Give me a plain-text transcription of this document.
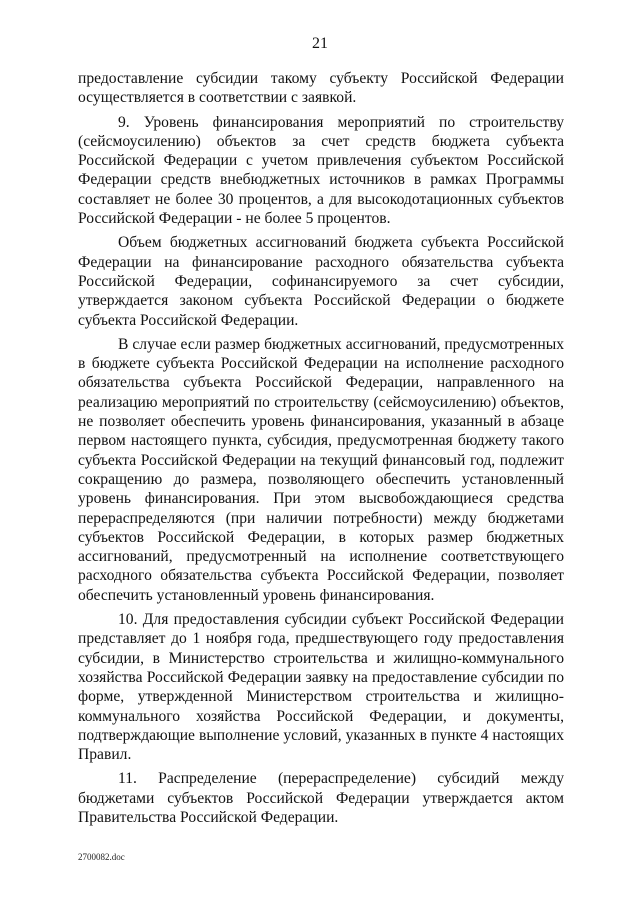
21

предоставление субсидии такому субъекту Российской Федерации осуществляется в соответствии с заявкой.

9. Уровень финансирования мероприятий по строительству (сейсмоусилению) объектов за счет средств бюджета субъекта Российской Федерации с учетом привлечения субъектом Российской Федерации средств внебюджетных источников в рамках Программы составляет не более 30 процентов, а для высокодотационных субъектов Российской Федерации - не более 5 процентов.

Объем бюджетных ассигнований бюджета субъекта Российской Федерации на финансирование расходного обязательства субъекта Российской Федерации, софинансируемого за счет субсидии, утверждается законом субъекта Российской Федерации о бюджете субъекта Российской Федерации.

В случае если размер бюджетных ассигнований, предусмотренных в бюджете субъекта Российской Федерации на исполнение расходного обязательства субъекта Российской Федерации, направленного на реализацию мероприятий по строительству (сейсмоусилению) объектов, не позволяет обеспечить уровень финансирования, указанный в абзаце первом настоящего пункта, субсидия, предусмотренная бюджету такого субъекта Российской Федерации на текущий финансовый год, подлежит сокращению до размера, позволяющего обеспечить установленный уровень финансирования. При этом высвобождающиеся средства перераспределяются (при наличии потребности) между бюджетами субъектов Российской Федерации, в которых размер бюджетных ассигнований, предусмотренный на исполнение соответствующего расходного обязательства субъекта Российской Федерации, позволяет обеспечить установленный уровень финансирования.

10. Для предоставления субсидии субъект Российской Федерации представляет до 1 ноября года, предшествующего году предоставления субсидии, в Министерство строительства и жилищно-коммунального хозяйства Российской Федерации заявку на предоставление субсидии по форме, утвержденной Министерством строительства и жилищно-коммунального хозяйства Российской Федерации, и документы, подтверждающие выполнение условий, указанных в пункте 4 настоящих Правил.

11. Распределение (перераспределение) субсидий между бюджетами субъектов Российской Федерации утверждается актом Правительства Российской Федерации.

2700082.doc
